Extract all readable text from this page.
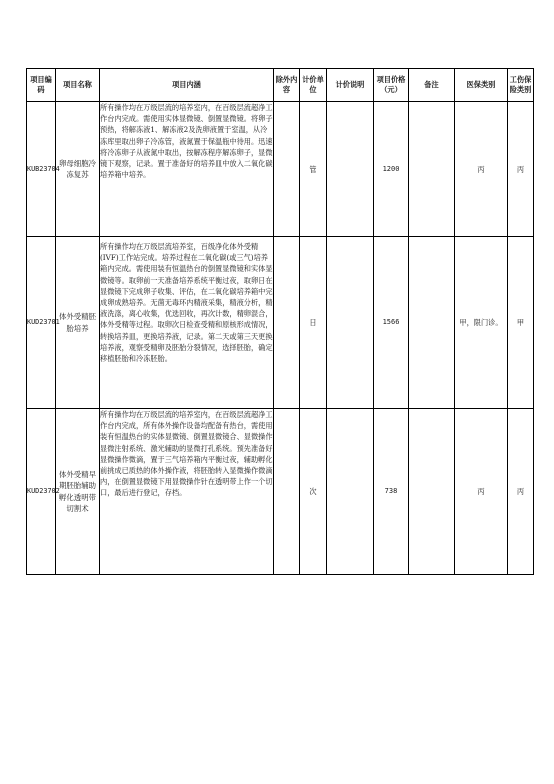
项目编码	项目名称	项目内涵	除外内容	计价单位	计价说明	项目价格（元）	备注	医保类别	工伤保险类别
KUB23704	卵母细胞冷冻复苏	所有操作均在万级层流的培养室内，在百级层流超净工作台内完成。需使用实体显微镜、倒置显微镜。将卵子预热，将解冻液1、解冻液2及洗卵液置于室温，从冷冻库里取出卵子冷冻管，液氮置于保温瓶中待用。迅速将冷冻卵子从液氮中取出，按解冻程序解冻卵子，显微镜下观察，记录。置于准备好的培养皿中放入二氧化碳培养箱中培养。		管		1200		丙	丙
KUD23701	体外受精胚胎培养	所有操作均在万级层流培养室，百级净化体外受精(IVF)工作站完成。培养过程在二氧化碳(或三气)培养箱内完成。需使用装有恒温热台的倒置显微镜和实体显微镜等。取卵前一天准备培养系统平衡过夜，取卵日在显微镜下完成卵子收集、评估，在二氧化碳培养箱中完成卵成熟培养。无菌无毒环内精液采集，精液分析，精液洗涤，离心收集，优选回收，再次计数，精卵混合，体外受精等过程。取卵次日检查受精和原核形成情况，转换培养皿，更换培养液，记录。第二天或第三天更换培养液，观察受精卵及胚胎分裂情况，选择胚胎，确定移植胚胎和冷冻胚胎。		日		1566		甲，限门诊。	甲
KUD23702	体外受精早期胚胎辅助孵化透明带切割术	所有操作均在万级层流的培养室内，在百级层流超净工作台内完成，所有体外操作设备均配备有热台，需使用装有恒温热台的实体显微镜、倒置显微镜合、显微操作显微注射系统、激光辅助的显微打孔系统。预先准备好显微操作微滴，置于三气培养箱内平衡过夜，辅助孵化前挑成已质热的体外操作液，将胚胎转入显微操作微滴内，在倒置显微镜下用显微操作针在透明带上作一个切口，最后进行登记，存档。		次		738		丙	丙
